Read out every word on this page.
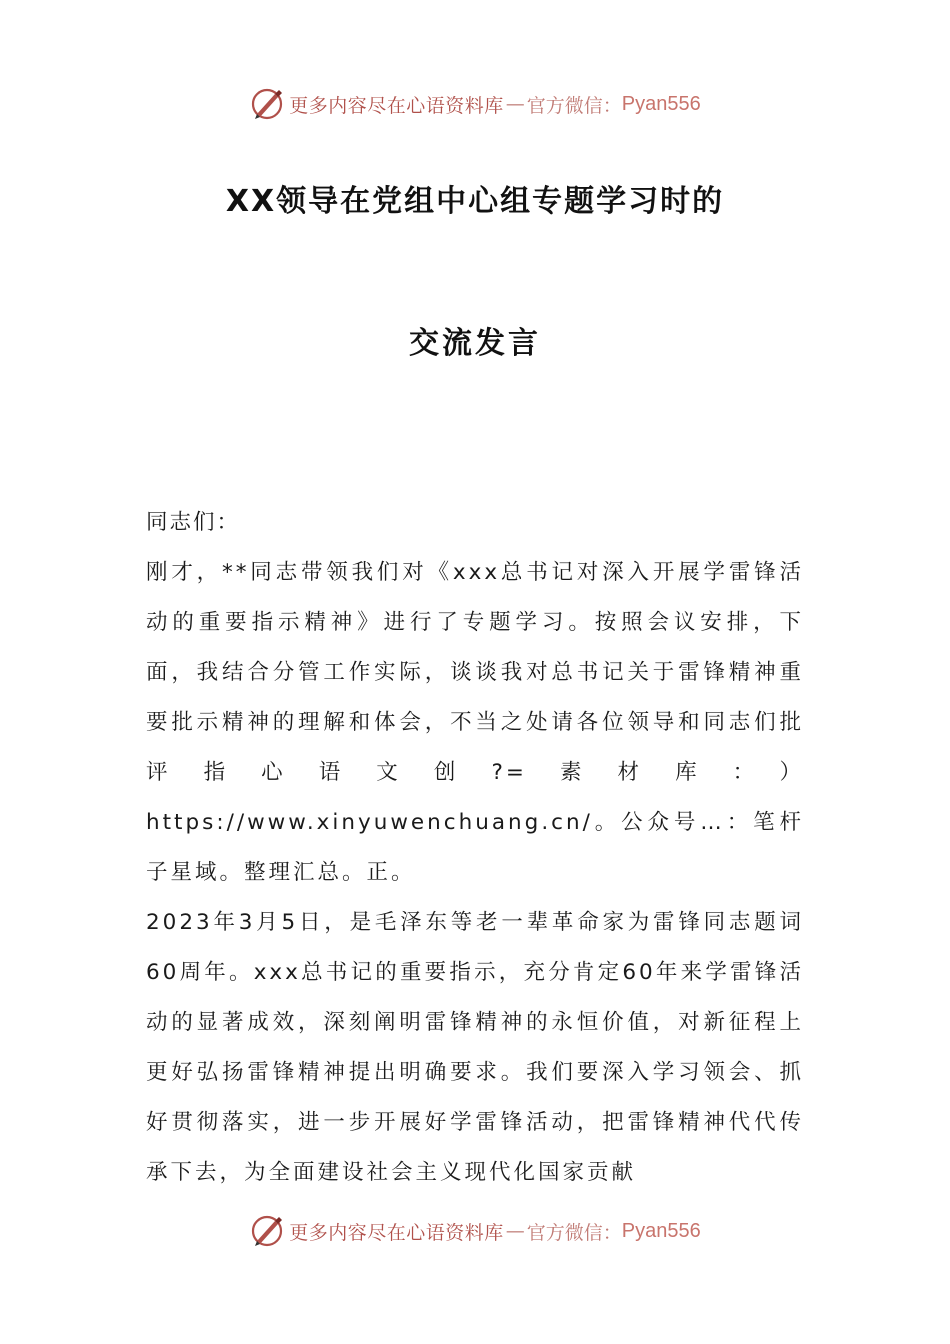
更多内容尽在心语资料库 — 官方微信： Pyan556
XX领导在党组中心组专题学习时的
交流发言

同志们：

刚才，**同志带领我们对《xxx总书记对深入开展学雷锋活动的重要指示精神》进行了专题学习。按照会议安排，下面，我结合分管工作实际，谈谈我对总书记关于雷锋精神重要批示精神的理解和体会，不当之处请各位领导和同志们批评指心语文创?=素材库：）https://www.xinyuwenchuang.cn/。公众号…：笔杆子星域。整理汇总。正。

2023年3月5日，是毛泽东等老一辈革命家为雷锋同志题词60周年。xxx总书记的重要指示，充分肯定60年来学雷锋活动的显著成效，深刻阐明雷锋精神的永恒价值，对新征程上更好弘扬雷锋精神提出明确要求。我们要深入学习领会、抓好贯彻落实，进一步开展好学雷锋活动，把雷锋精神代代传承下去，为全面建设社会主义现代化国家贡献

更多内容尽在心语资料库 — 官方微信： Pyan556
